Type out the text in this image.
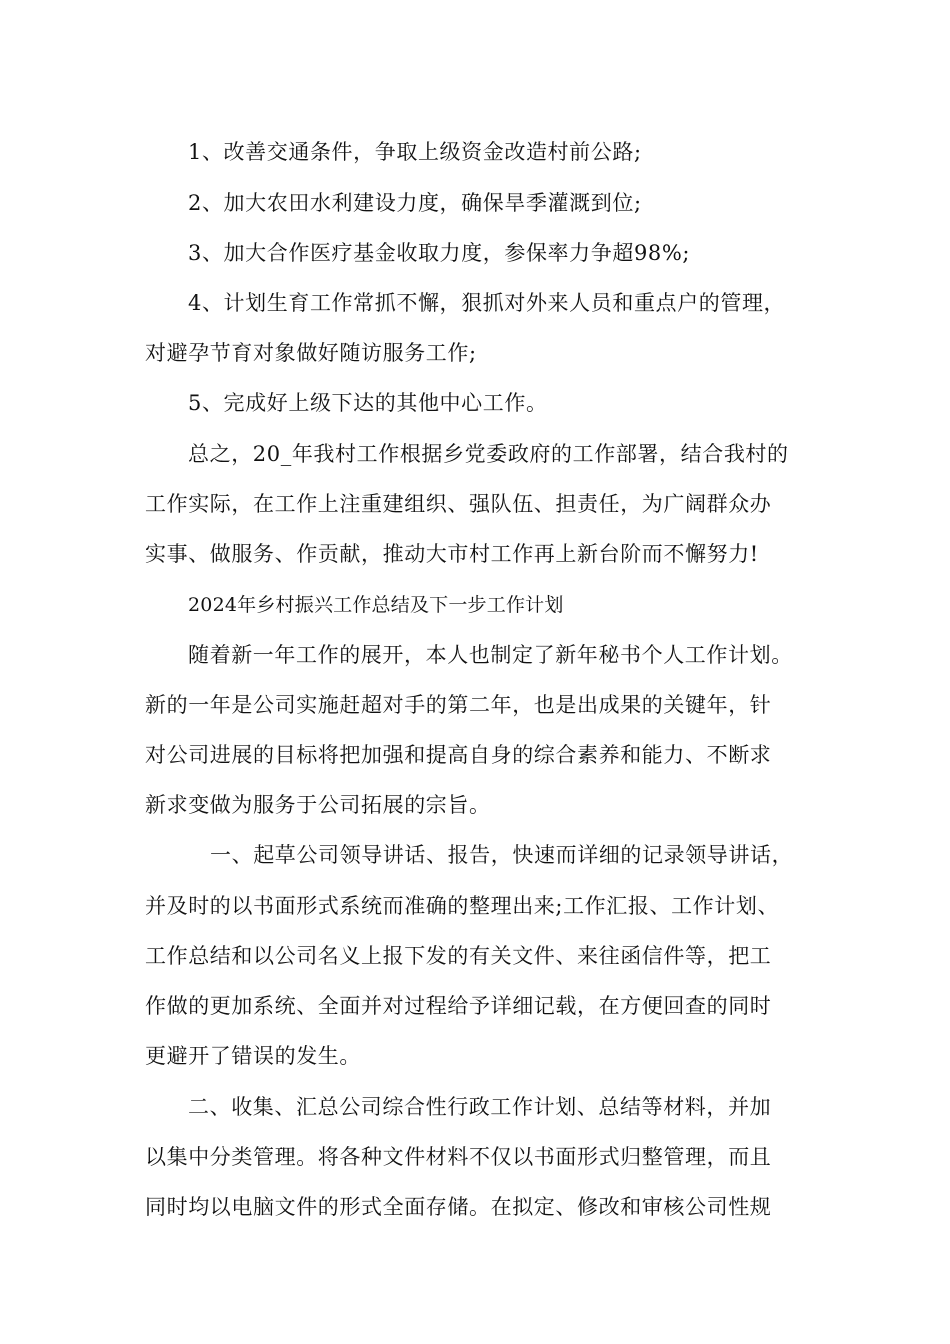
1、改善交通条件，争取上级资金改造村前公路;
2、加大农田水利建设力度，确保旱季灌溉到位;
3、加大合作医疗基金收取力度，参保率力争超98%;
4、计划生育工作常抓不懈，狠抓对外来人员和重点户的管理，
对避孕节育对象做好随访服务工作;
5、完成好上级下达的其他中心工作。
总之，20_年我村工作根据乡党委政府的工作部署，结合我村的
工作实际，在工作上注重建组织、强队伍、担责任，为广阔群众办
实事、做服务、作贡献，推动大市村工作再上新台阶而不懈努力!
2024年乡村振兴工作总结及下一步工作计划
随着新一年工作的展开，本人也制定了新年秘书个人工作计划。
新的一年是公司实施赶超对手的第二年，也是出成果的关键年，针
对公司进展的目标将把加强和提高自身的综合素养和能力、不断求
新求变做为服务于公司拓展的宗旨。
一、起草公司领导讲话、报告，快速而详细的记录领导讲话，
并及时的以书面形式系统而准确的整理出来;工作汇报、工作计划、
工作总结和以公司名义上报下发的有关文件、来往函信件等，把工
作做的更加系统、全面并对过程给予详细记载，在方便回查的同时
更避开了错误的发生。
二、收集、汇总公司综合性行政工作计划、总结等材料，并加
以集中分类管理。将各种文件材料不仅以书面形式归整管理，而且
同时均以电脑文件的形式全面存储。在拟定、修改和审核公司性规
